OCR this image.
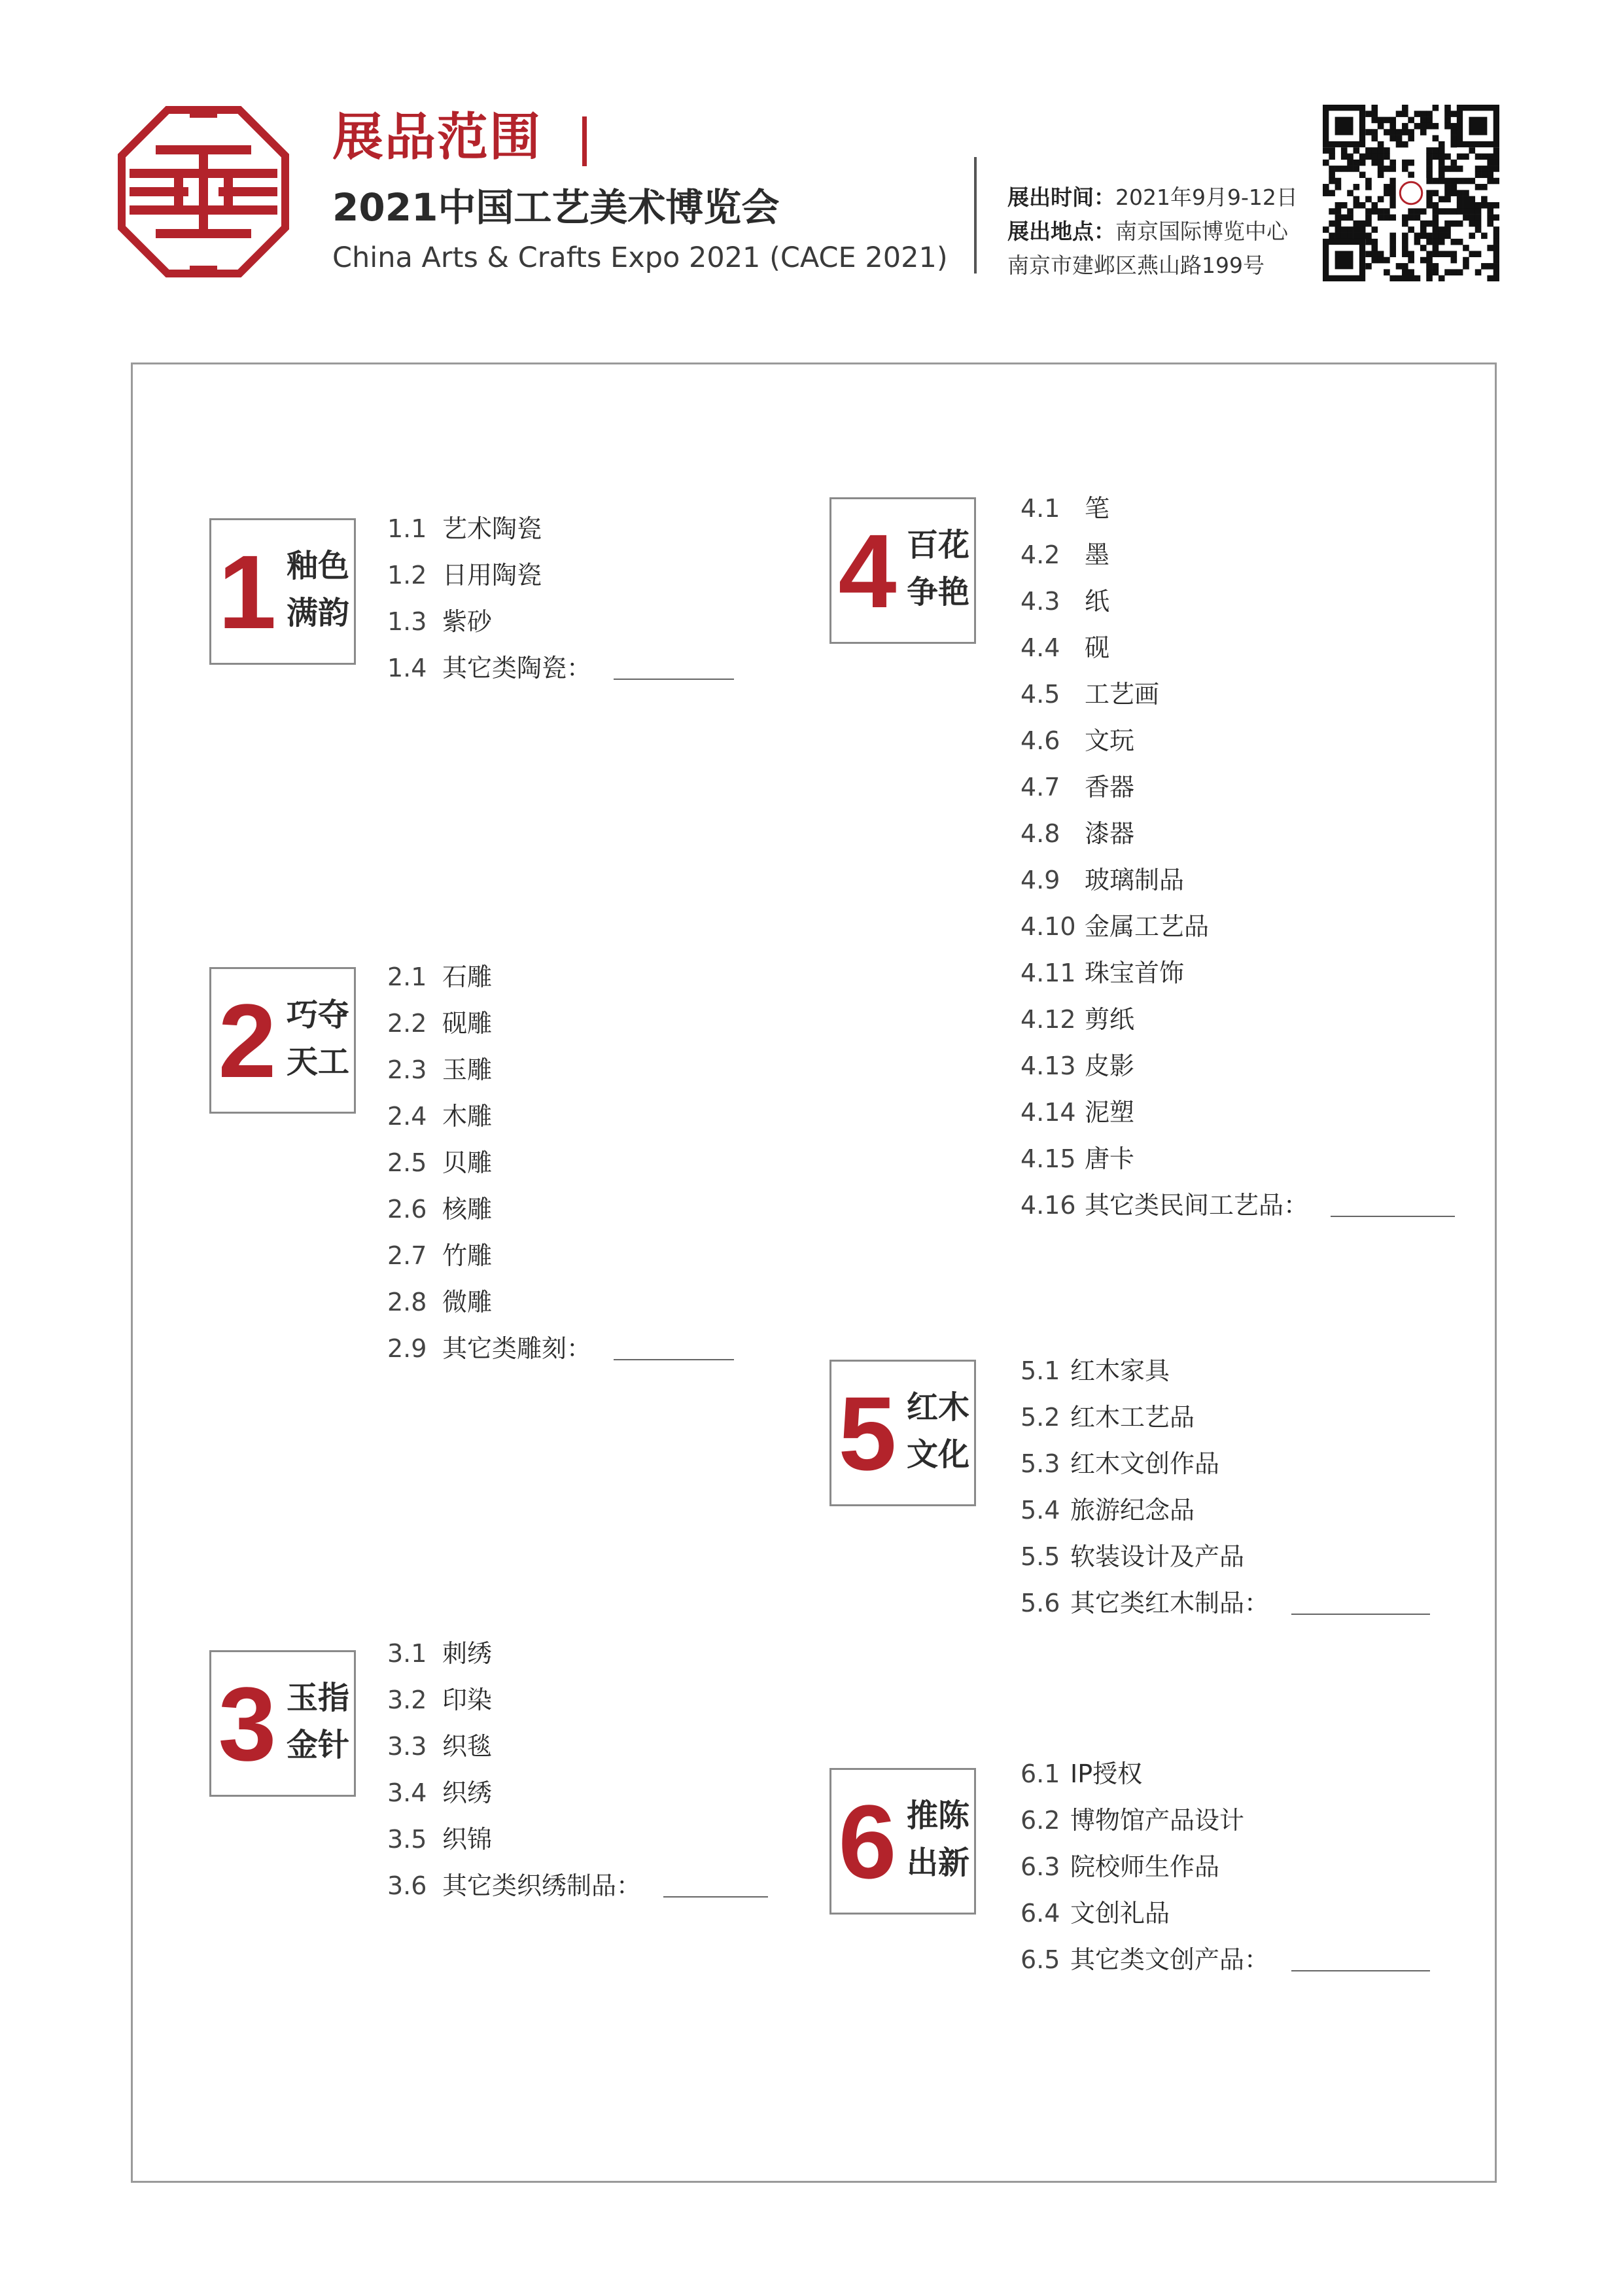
展品范围
2021中国工艺美术博览会
China Arts & Crafts Expo 2021 (CACE 2021)
展出时间：2021年9月9-12日
展出地点：南京国际博览中心
南京市建邺区燕山路199号
1 釉色
满韵
1.1 艺术陶瓷
1.2 日用陶瓷
1.3 紫砂
1.4 其它类陶瓷：
2 巧夺
天工
2.1 石雕
2.2 砚雕
2.3 玉雕
2.4 木雕
2.5 贝雕
2.6 核雕
2.7 竹雕
2.8 微雕
2.9 其它类雕刻：
3 玉指
金针
3.1 刺绣
3.2 印染
3.3 织毯
3.4 织绣
3.5 织锦
3.6 其它类织绣制品：
4 百花
争艳
4.1 笔
4.2 墨
4.3 纸
4.4 砚
4.5 工艺画
4.6 文玩
4.7 香器
4.8 漆器
4.9 玻璃制品
4.10 金属工艺品
4.11 珠宝首饰
4.12 剪纸
4.13 皮影
4.14 泥塑
4.15 唐卡
4.16 其它类民间工艺品：
5 红木
文化
5.1 红木家具
5.2 红木工艺品
5.3 红木文创作品
5.4 旅游纪念品
5.5 软装设计及产品
5.6 其它类红木制品：
6 推陈
出新
6.1 IP授权
6.2 博物馆产品设计
6.3 院校师生作品
6.4 文创礼品
6.5 其它类文创产品：
